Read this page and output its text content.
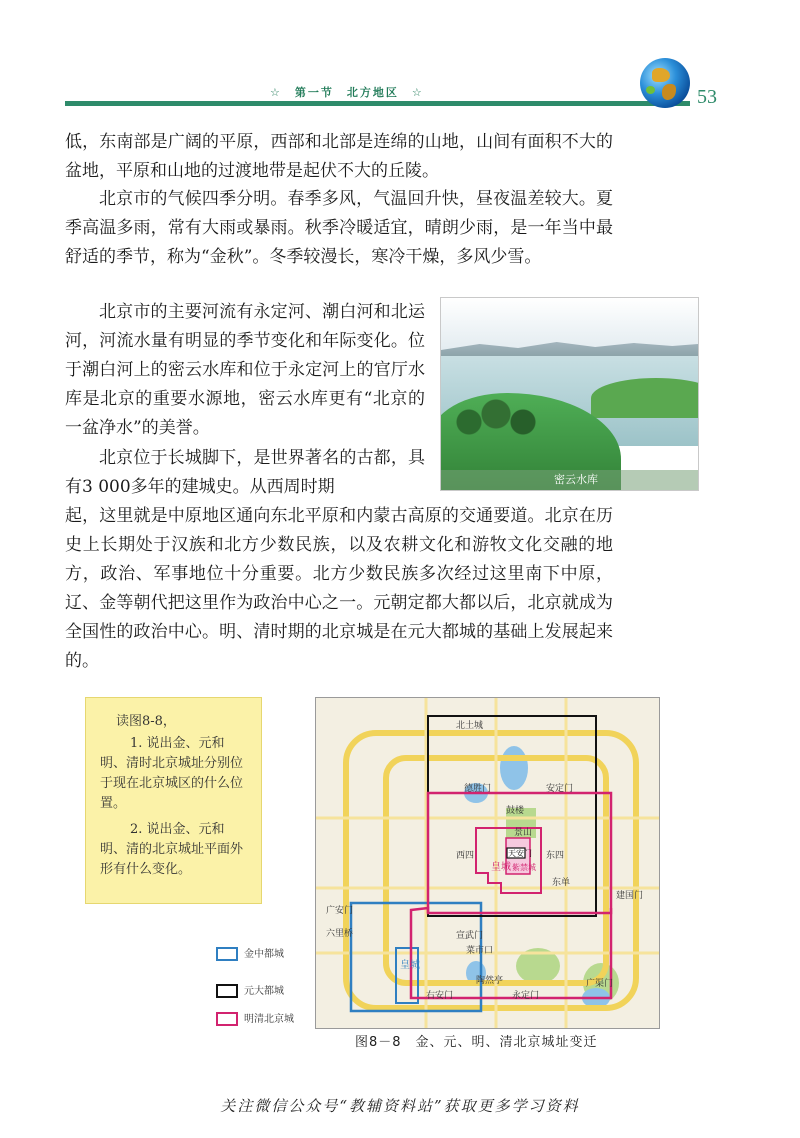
☆　第一节　北方地区　☆	53

低，东南部是广阔的平原，西部和北部是连绵的山地，山间有面积不大的盆地，平原和山地的过渡地带是起伏不大的丘陵。

北京市的气候四季分明。春季多风，气温回升快，昼夜温差较大。夏季高温多雨，常有大雨或暴雨。秋季冷暖适宜，晴朗少雨，是一年当中最舒适的季节，称为“金秋”。冬季较漫长，寒冷干燥，多风少雪。

北京市的主要河流有永定河、潮白河和北运河，河流水量有明显的季节变化和年际变化。位于潮白河上的密云水库和位于永定河上的官厅水库是北京的重要水源地，密云水库更有“北京的一盆净水”的美誉。

密云水库

北京位于长城脚下，是世界著名的古都，具有3 000多年的建城史。从西周时期

起，这里就是中原地区通向东北平原和内蒙古高原的交通要道。北京在历史上长期处于汉族和北方少数民族，以及农耕文化和游牧文化交融的地方，政治、军事地位十分重要。北方少数民族多次经过这里南下中原，辽、金等朝代把这里作为政治中心之一。元朝定都大都以后，北京就成为全国性的政治中心。明、清时期的北京城是在元大都城的基础上发展起来的。

读图8-8，

1. 说出金、元和明、清时北京城址分别位于现在北京城区的什么位置。

2. 说出金、元和明、清的北京城址平面外形有什么变化。

北土城
德胜门	安定门
鼓楼
西四	东四
景山
天安门
紫禁城
皇城
东单
建国门
宣武门
菜市口
陶然亭
六里桥
广安门
右安门	永定门
皇城
广渠门
金中都城
元大都城
明清北京城
图8－8　金、元、明、清北京城址变迁
关注微信公众号“教辅资料站”获取更多学习资料
